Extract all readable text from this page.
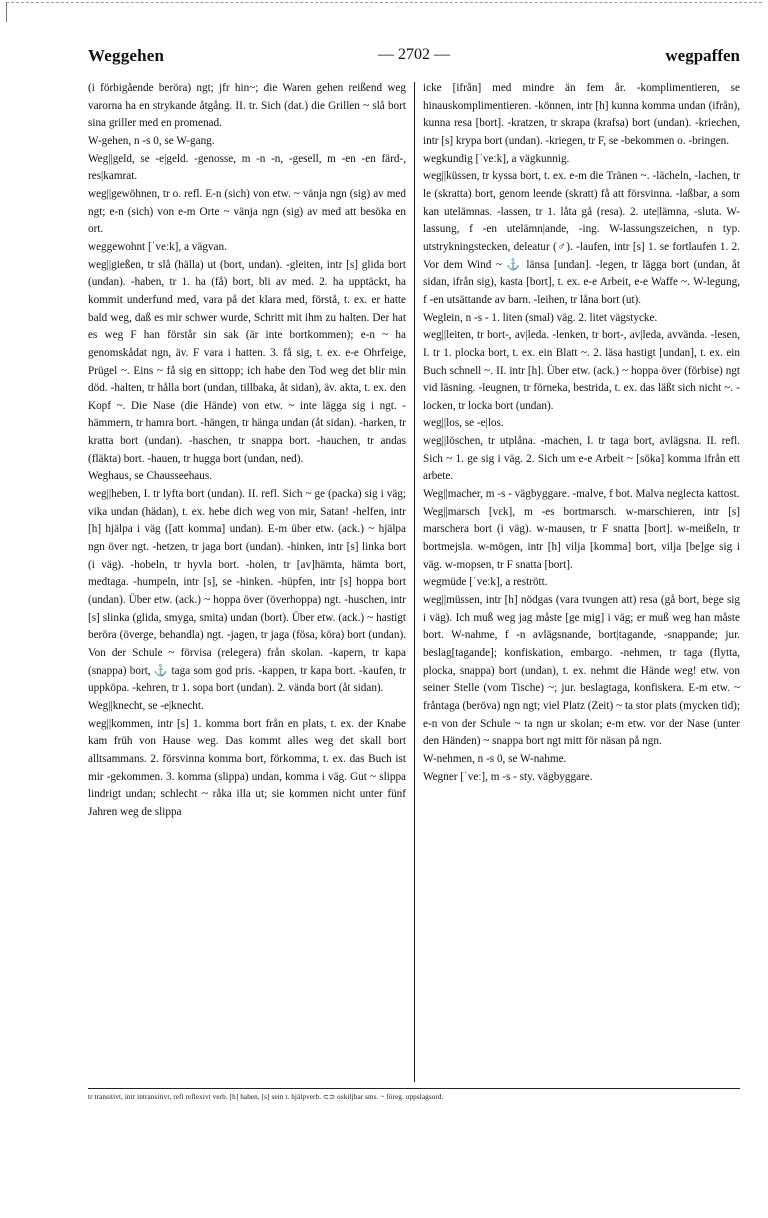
Weggehen	— 2702 —	wegpaffen

(i förbigående beröra) ngt; jfr hin~; die Waren gehen reißend weg varorna ha en strykande åtgång. II. tr. Sich (dat.) die Grillen ~ slå bort sina griller med en promenad.

W-gehen, n -s 0, se W-gang.

Weg||geld, se -e|geld. -genosse, m -n -n, -gesell, m -en -en färd-, res|kamrat.

weg||gewöhnen, tr o. refl. E-n (sich) von etw. ~ vänja ngn (sig) av med ngt; e-n (sich) von e-m Orte ~ vänja ngn (sig) av med att besöka en ort.

weggewohnt [ˈveːk], a vägvan.

weg||gießen, tr slå (hälla) ut (bort, undan). -gleiten, intr [s] glida bort (undan). -haben, tr 1. ha (få) bort, bli av med. 2. ha upptäckt, ha kommit underfund med, vara på det klara med, förstå, t. ex. er hatte bald weg, daß es mir schwer wurde, Schritt mit ihm zu halten. Der hat es weg F han förstår sin sak (är inte bortkommen); e-n ~ ha genomskådat ngn, äv. F vara i hatten. 3. få sig, t. ex. e-e Ohrfeige, Prügel ~. Eins ~ få sig en sittopp; ich habe den Tod weg det blir min död. -halten, tr hålla bort (undan, tillbaka, åt sidan), äv. akta, t. ex. den Kopf ~. Die Nase (die Hände) von etw. ~ inte lägga sig i ngt. -hämmern, tr hamra bort. -hängen, tr hänga undan (åt sidan). -harken, tr kratta bort (undan). -haschen, tr snappa bort. -hauchen, tr andas (fläkta) bort. -hauen, tr hugga bort (undan, ned).

Weghaus, se Chausseehaus.

weg||heben, I. tr lyfta bort (undan). II. refl. Sich ~ ge (packa) sig i väg; vika undan (hädan), t. ex. hebe dich weg von mir, Satan! -helfen, intr [h] hjälpa i väg ([att komma] undan). E-m über etw. (ack.) ~ hjälpa ngn över ngt. -hetzen, tr jaga bort (undan). -hinken, intr [s] linka bort (i väg). -hobeln, tr hyvla bort. -holen, tr [av]hämta, hämta bort, medtaga. -humpeln, intr [s], se -hinken. -hüpfen, intr [s] hoppa bort (undan). Über etw. (ack.) ~ hoppa över (överhoppa) ngt. -huschen, intr [s] slinka (glida, smyga, smita) undan (bort). Über etw. (ack.) ~ hastigt beröra (överge, behandla) ngt. -jagen, tr jaga (fösa, köra) bort (undan). Von der Schule ~ förvisa (relegera) från skolan. -kapern, tr kapa (snappa) bort, ⚓ taga som god pris. -kappen, tr kapa bort. -kaufen, tr uppköpa. -kehren, tr 1. sopa bort (undan). 2. vända bort (åt sidan).

Weg||knecht, se -e|knecht.

weg||kommen, intr [s] 1. komma bort från en plats, t. ex. der Knabe kam früh von Hause weg. Das kommt alles weg det skall bort alltsammans. 2. försvinna komma bort, förkomma, t. ex. das Buch ist mir -gekommen. 3. komma (slippa) undan, komma i väg. Gut ~ slippa lindrigt undan; schlecht ~ råka illa ut; sie kommen nicht unter fünf Jahren weg de slippa

icke [ifrån] med mindre än fem år. -komplimentieren, se hinauskomplimentieren. -können, intr [h] kunna komma undan (ifrån), kunna resa [bort]. -kratzen, tr skrapa (krafsa) bort (undan). -kriechen, intr [s] krypa bort (undan). -kriegen, tr F, se -bekommen o. -bringen.

wegkundig [ˈveːk], a vägkunnig.

weg||küssen, tr kyssa bort, t. ex. e-m die Tränen ~. -lächeln, -lachen, tr le (skratta) bort, genom leende (skratt) få att försvinna. -laßbar, a som kan utelämnas. -lassen, tr 1. låta gå (resa). 2. ute|lämna, -sluta. W-lassung, f -en utelämn|ande, -ing. W-lassungszeichen, n typ. utstrykningstecken, deleatur (♂). -laufen, intr [s] 1. se fortlaufen 1. 2. Vor dem Wind ~ ⚓ länsa [undan]. -legen, tr lägga bort (undan, åt sidan, ifrån sig), kasta [bort], t. ex. e-e Arbeit, e-e Waffe ~. W-legung, f -en utsättande av barn. -leihen, tr låna bort (ut).

Weglein, n -s - 1. liten (smal) väg. 2. litet vägstycke.

weg||leiten, tr bort-, av|leda. -lenken, tr bort-, av|leda, avvända. -lesen, I. tr 1. plocka bort, t. ex. ein Blatt ~. 2. läsa hastigt [undan], t. ex. ein Buch schnell ~. II. intr [h]. Über etw. (ack.) ~ hoppa över (förbise) ngt vid läsning. -leugnen, tr förneka, bestrida, t. ex. das läßt sich nicht ~. -locken, tr locka bort (undan).

weg||los, se -e|los.

weg||löschen, tr utplåna. -machen, I. tr taga bort, avlägsna. II. refl. Sich ~ 1. ge sig i väg. 2. Sich um e-e Arbeit ~ [söka] komma ifrån ett arbete.

Weg||macher, m -s - vägbyggare. -malve, f bot. Malva neglecta kattost.

Weg||marsch [vɛk], m -es bortmarsch. w-marschieren, intr [s] marschera bort (i väg). w-mausen, tr F snatta [bort]. w-meißeln, tr bortmejsla. w-mögen, intr [h] vilja [komma] bort, vilja [be]ge sig i väg. w-mopsen, tr F snatta [bort].

wegmüde [ˈveːk], a restrött.

weg||müssen, intr [h] nödgas (vara tvungen att) resa (gå bort, bege sig i väg). Ich muß weg jag måste [ge mig] i väg; er muß weg han måste bort. W-nahme, f -n avlägsnande, bort|tagande, -snappande; jur. beslag[tagande]; konfiskation, embargo. -nehmen, tr taga (flytta, plocka, snappa) bort (undan), t. ex. nehmt die Hände weg! etw. von seiner Stelle (vom Tische) ~; jur. beslagtaga, konfiskera. E-m etw. ~ fråntaga (beröva) ngn ngt; viel Platz (Zeit) ~ ta stor plats (mycken tid); e-n von der Schule ~ ta ngn ur skolan; e-m etw. vor der Nase (unter den Händen) ~ snappa bort ngt mitt för näsan på ngn.

W-nehmen, n -s 0, se W-nahme.

Wegner [ˈveː], m -s - sty. vägbyggare.

tr transitivt, intr intransitivt, refl reflexivt verb. [h] haben, [s] sein t. hjälpverb. ⊂⊃ oskiljbar sms. ~ föreg. uppslagsord.
